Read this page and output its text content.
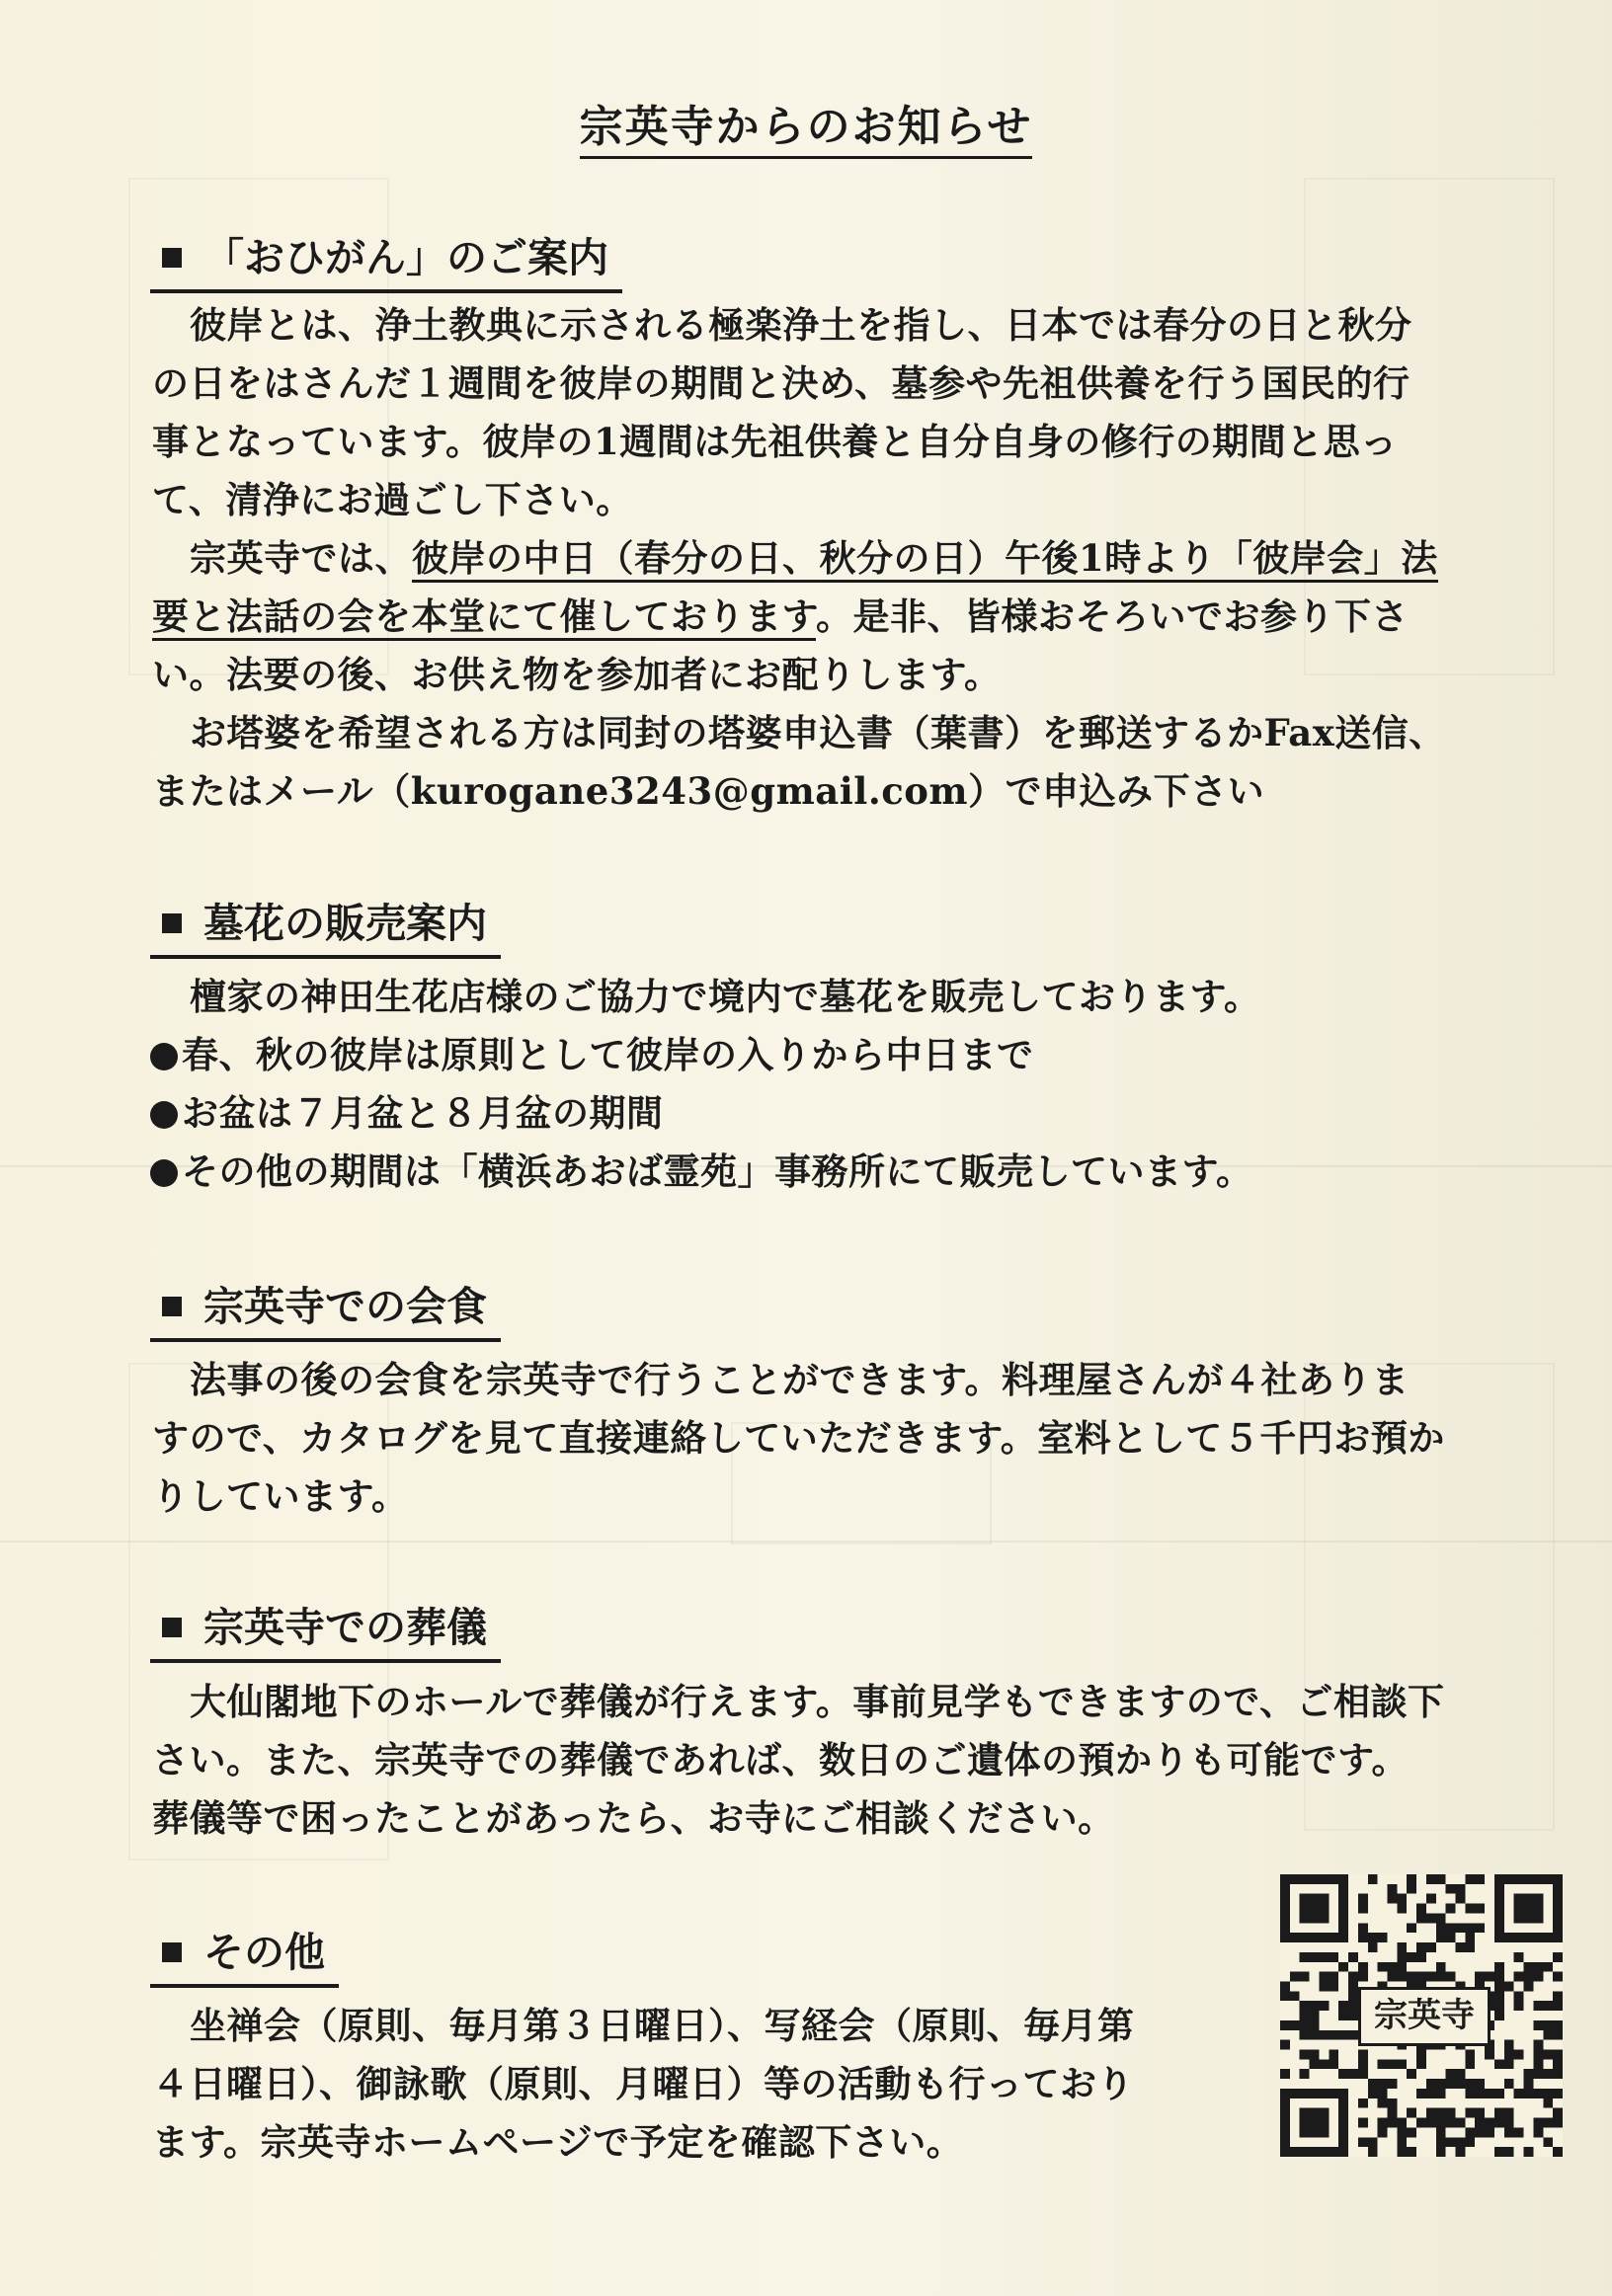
宗英寺からのお知らせ
「おひがん」のご案内
彼岸とは、浄土教典に示される極楽浄土を指し、日本では春分の日と秋分
の日をはさんだ１週間を彼岸の期間と決め、墓参や先祖供養を行う国民的行
事となっています。彼岸の1週間は先祖供養と自分自身の修行の期間と思っ
て、清浄にお過ごし下さい。
宗英寺では、彼岸の中日（春分の日、秋分の日）午後1時より「彼岸会」法
要と法話の会を本堂にて催しております。是非、皆様おそろいでお参り下さ
い。法要の後、お供え物を参加者にお配りします。
お塔婆を希望される方は同封の塔婆申込書（葉書）を郵送するかFax送信、
またはメール（kurogane3243@gmail.com）で申込み下さい
墓花の販売案内
檀家の神田生花店様のご協力で境内で墓花を販売しております。
春、秋の彼岸は原則として彼岸の入りから中日まで
お盆は７月盆と８月盆の期間
その他の期間は「横浜あおば霊苑」事務所にて販売しています。
宗英寺での会食
法事の後の会食を宗英寺で行うことができます。料理屋さんが４社ありま
すので、カタログを見て直接連絡していただきます。室料として５千円お預か
りしています。
宗英寺での葬儀
大仙閣地下のホールで葬儀が行えます。事前見学もできますので、ご相談下
さい。また、宗英寺での葬儀であれば、数日のご遺体の預かりも可能です。
葬儀等で困ったことがあったら、お寺にご相談ください。
その他
坐禅会（原則、毎月第３日曜日）、写経会（原則、毎月第
４日曜日）、御詠歌（原則、月曜日）等の活動も行っており
ます。宗英寺ホームページで予定を確認下さい。
宗英寺
